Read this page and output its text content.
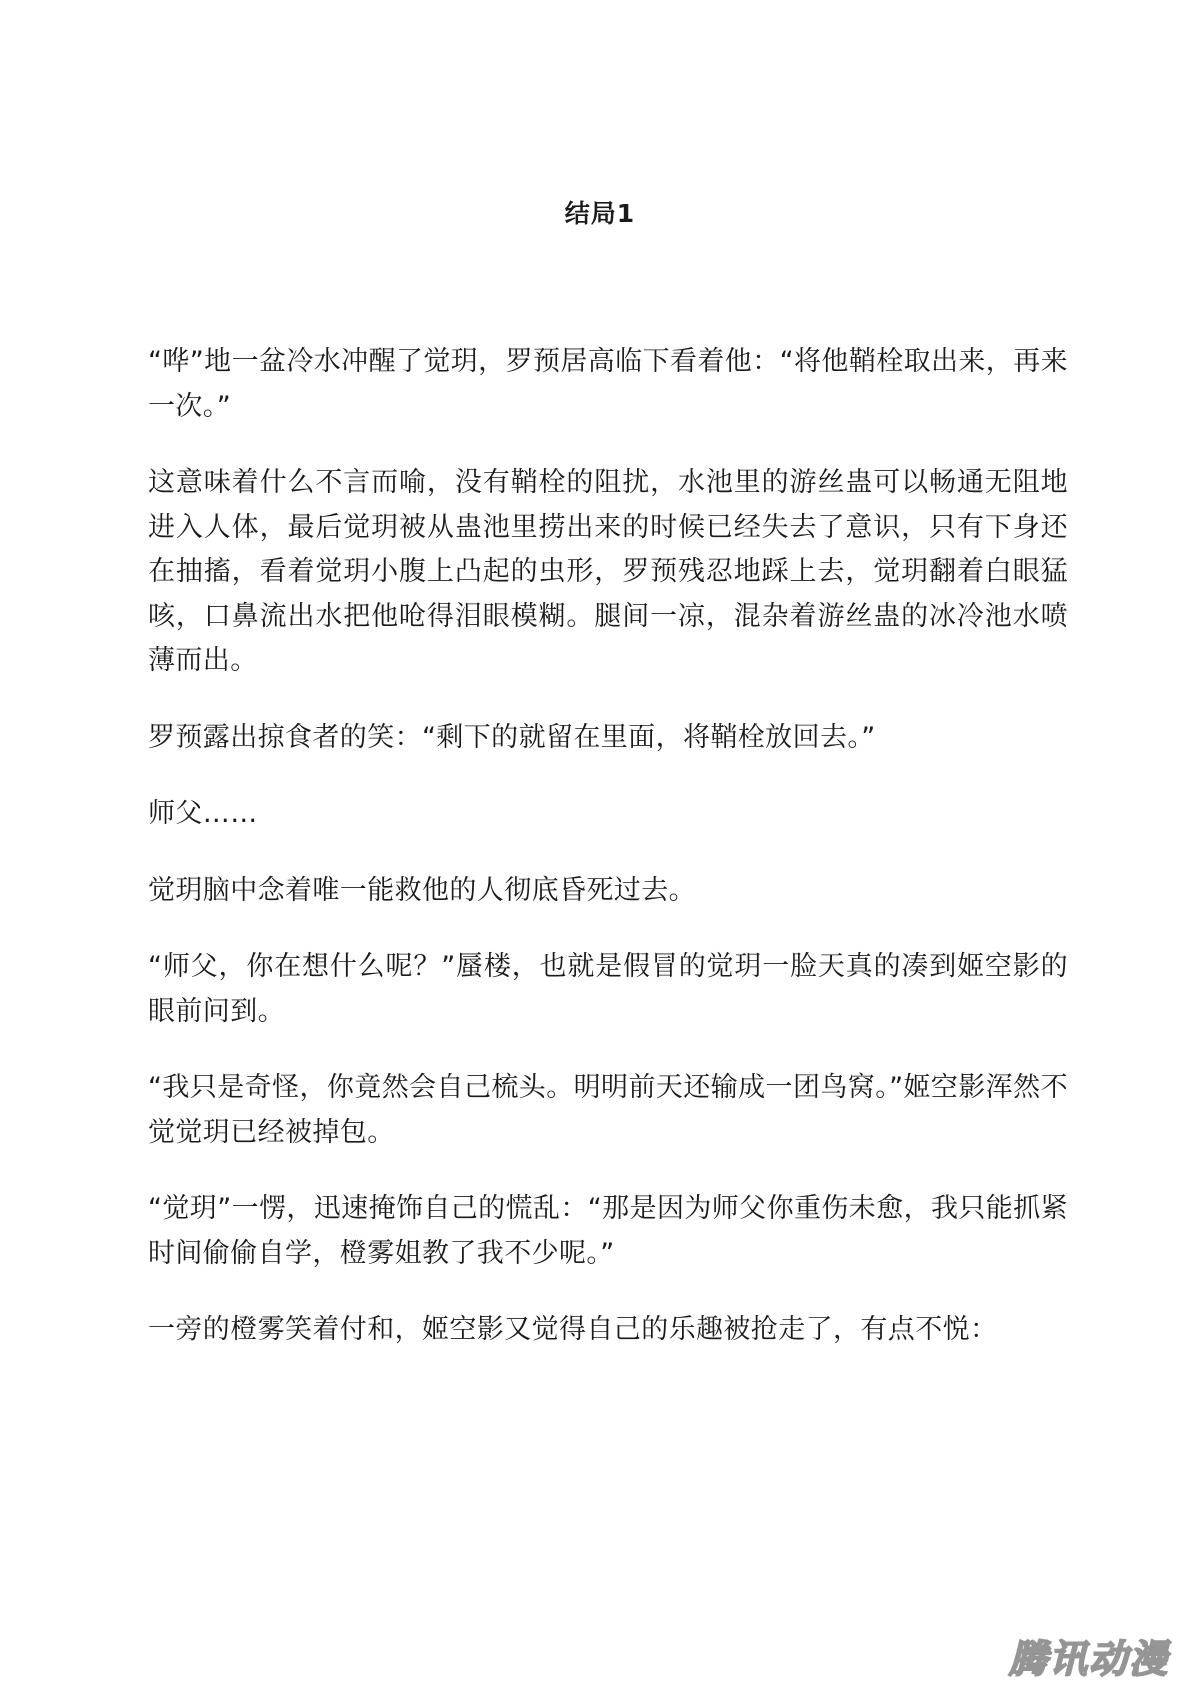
结局1

“哗”地一盆冷水冲醒了觉玥，罗预居高临下看着他：“将他鞘栓取出来，再来一次。”

这意味着什么不言而喻，没有鞘栓的阻扰，水池里的游丝蛊可以畅通无阻地进入人体，最后觉玥被从蛊池里捞出来的时候已经失去了意识，只有下身还在抽搐，看着觉玥小腹上凸起的虫形，罗预残忍地踩上去，觉玥翻着白眼猛咳，口鼻流出水把他呛得泪眼模糊。腿间一凉，混杂着游丝蛊的冰冷池水喷薄而出。

罗预露出掠食者的笑：“剩下的就留在里面，将鞘栓放回去。”

师父……

觉玥脑中念着唯一能救他的人彻底昏死过去。

“师父，你在想什么呢？”蜃楼，也就是假冒的觉玥一脸天真的凑到姬空影的眼前问到。

“我只是奇怪，你竟然会自己梳头。明明前天还输成一团鸟窝。”姬空影浑然不觉觉玥已经被掉包。

“觉玥”一愣，迅速掩饰自己的慌乱：“那是因为师父你重伤未愈，我只能抓紧时间偷偷自学，橙雾姐教了我不少呢。”

一旁的橙雾笑着付和，姬空影又觉得自己的乐趣被抢走了，有点不悦：

腾讯动漫
